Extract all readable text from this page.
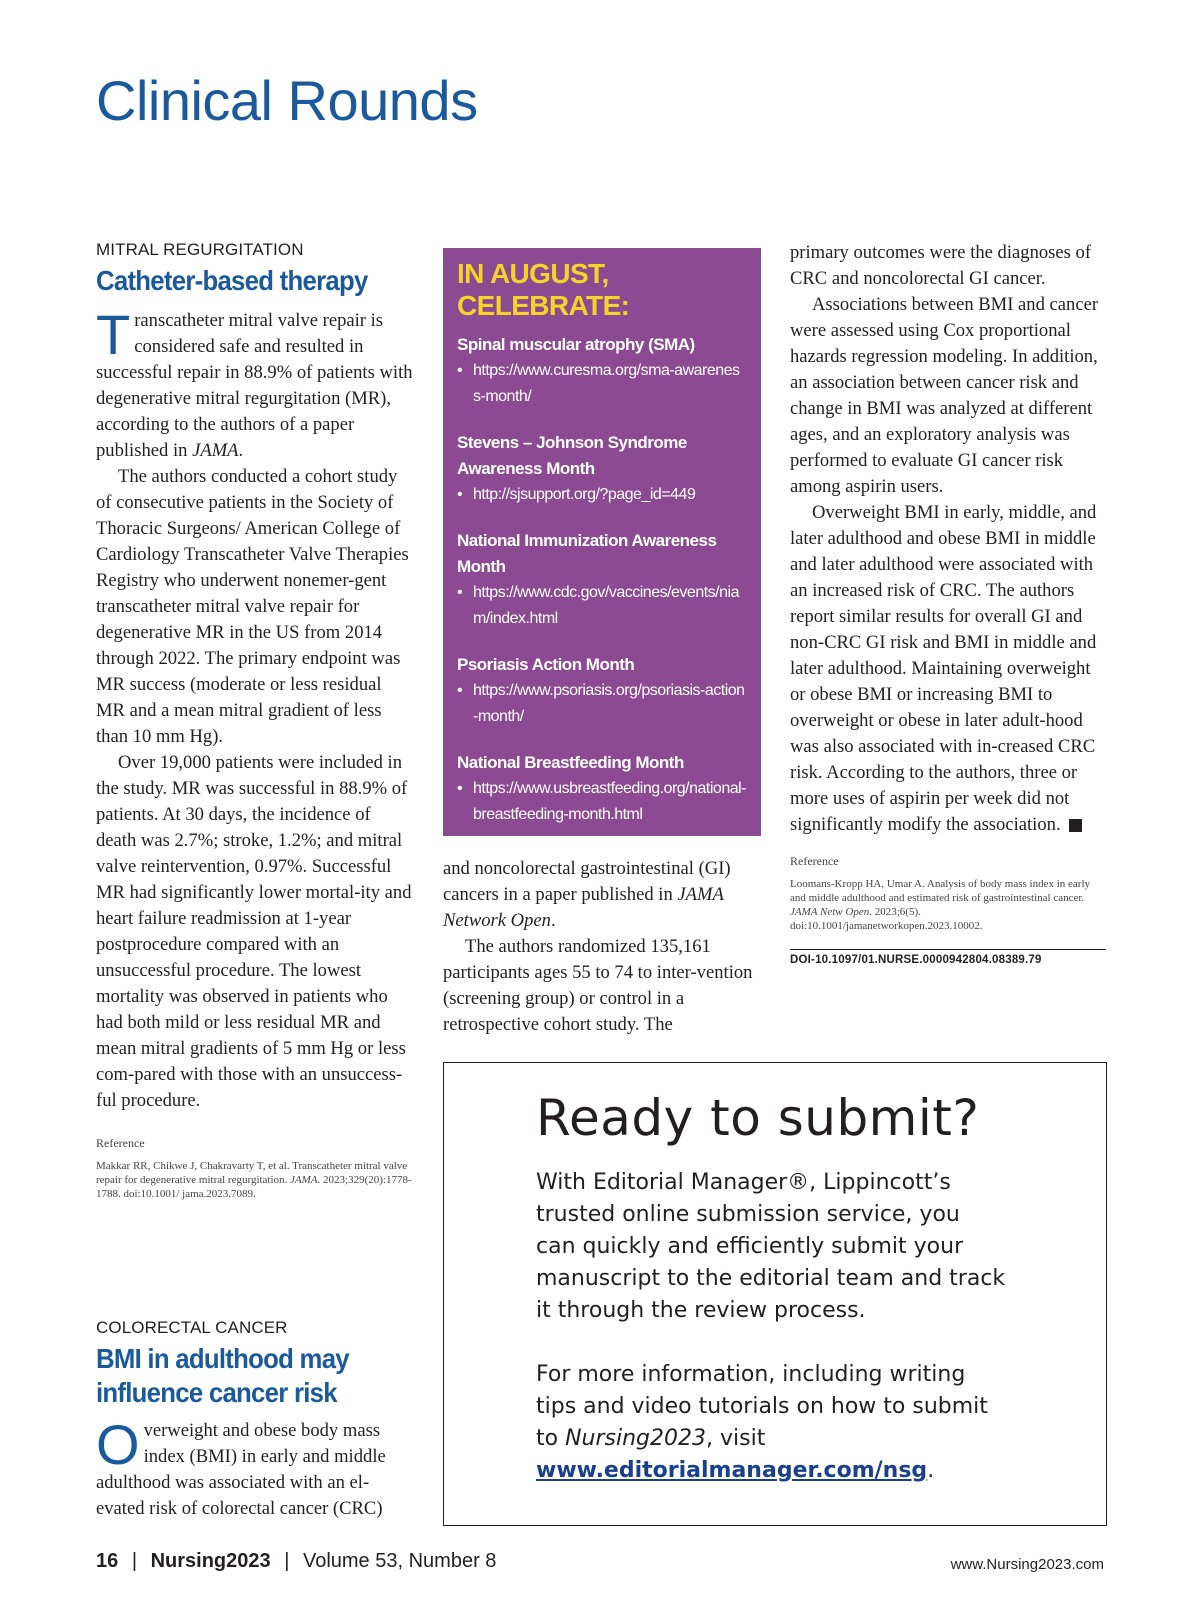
Clinical Rounds

MITRAL REGURGITATION

Catheter-based therapy

Transcatheter mitral valve repair is considered safe and resulted in successful repair in 88.9% of patients with degenerative mitral regurgitation (MR), according to the authors of a paper published in JAMA.

The authors conducted a cohort study of consecutive patients in the Society of Thoracic Surgeons/ American College of Cardiology Transcatheter Valve Therapies Registry who underwent nonemer-gent transcatheter mitral valve repair for degenerative MR in the US from 2014 through 2022. The primary endpoint was MR success (moderate or less residual MR and a mean mitral gradient of less than 10 mm Hg).

Over 19,000 patients were included in the study. MR was successful in 88.9% of patients. At 30 days, the incidence of death was 2.7%; stroke, 1.2%; and mitral valve reintervention, 0.97%. Successful MR had significantly lower mortal-ity and heart failure readmission at 1-year postprocedure compared with an unsuccessful procedure. The lowest mortality was observed in patients who had both mild or less residual MR and mean mitral gradients of 5 mm Hg or less com-pared with those with an unsuccess-ful procedure.

Reference

Makkar RR, Chikwe J, Chakravarty T, et al. Transcatheter mitral valve repair for degenerative mitral regurgitation. JAMA. 2023;329(20):1778-1788. doi:10.1001/ jama.2023.7089.

COLORECTAL CANCER

BMI in adulthood may
influence cancer risk

Overweight and obese body mass index (BMI) in early and middle adulthood was associated with an el-evated risk of colorectal cancer (CRC)

IN AUGUST,
CELEBRATE:

Spinal muscular atrophy (SMA)

• https://www.curesma.org/sma-awareness-month/

Stevens – Johnson Syndrome Awareness Month

• http://sjsupport.org/?page_id=449

National Immunization Awareness Month

• https://www.cdc.gov/vaccines/events/niam/index.html

Psoriasis Action Month

• https://www.psoriasis.org/psoriasis-action-month/

National Breastfeeding Month

• https://www.usbreastfeeding.org/national-breastfeeding-month.html

and noncolorectal gastrointestinal (GI) cancers in a paper published in JAMA Network Open.

The authors randomized 135,161 participants ages 55 to 74 to inter-vention (screening group) or control in a retrospective cohort study. The

primary outcomes were the diagnoses of CRC and noncolorectal GI cancer.

Associations between BMI and cancer were assessed using Cox proportional hazards regression modeling. In addition, an association between cancer risk and change in BMI was analyzed at different ages, and an exploratory analysis was performed to evaluate GI cancer risk among aspirin users.

Overweight BMI in early, middle, and later adulthood and obese BMI in middle and later adulthood were associated with an increased risk of CRC. The authors report similar results for overall GI and non-CRC GI risk and BMI in middle and later adulthood. Maintaining overweight or obese BMI or increasing BMI to overweight or obese in later adult-hood was also associated with in-creased CRC risk. According to the authors, three or more uses of aspirin per week did not significantly modify the association.

Reference

Loomans-Kropp HA, Umar A. Analysis of body mass index in early and middle adulthood and estimated risk of gastrointestinal cancer. JAMA Netw Open. 2023;6(5). doi:10.1001/jamanetworkopen.2023.10002.

DOI-10.1097/01.NURSE.0000942804.08389.79
Ready to submit?

With Editorial Manager®, Lippincott’s trusted online submission service, you can quickly and efficiently submit your manuscript to the editorial team and track it through the review process.

For more information, including writing tips and video tutorials on how to submit to Nursing2023, visit
www.editorialmanager.com/nsg.

16 | Nursing2023 | Volume 53, Number 8	www.Nursing2023.com
